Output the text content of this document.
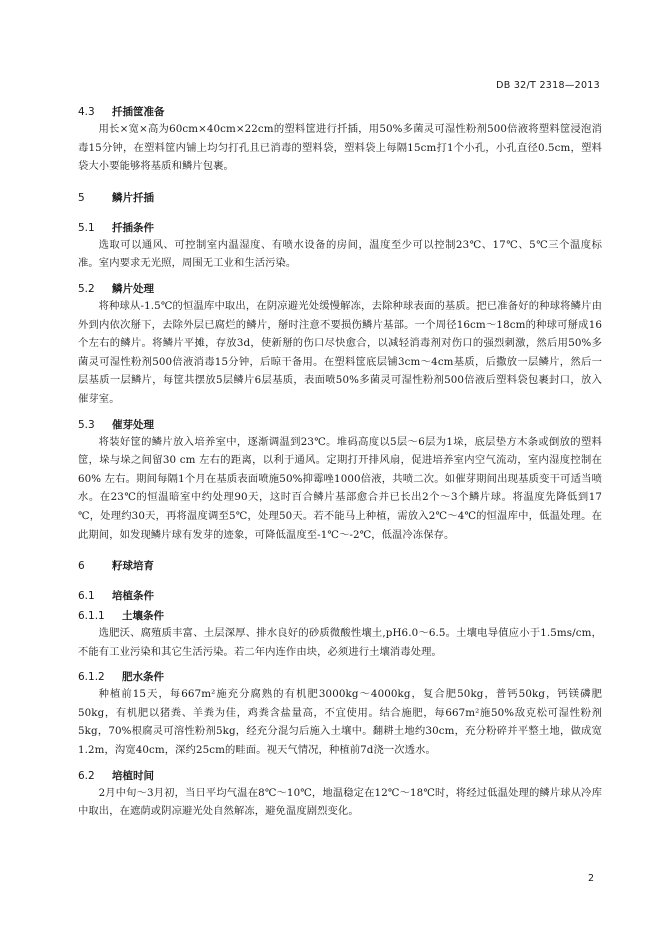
DB 32/T 2318—2013
4.3 扦插筐准备

用长×宽×高为60cm×40cm×22cm的塑料筐进行扦插，用50%多菌灵可湿性粉剂500倍液将塑料筐浸泡消毒15分钟，在塑料筐内铺上均匀打孔且已消毒的塑料袋，塑料袋上每隔15cm打1个小孔，小孔直径0.5cm，塑料袋大小要能够将基质和鳞片包裹。

5	鳞片扦插
5.1 扦插条件

选取可以通风、可控制室内温湿度、有喷水设备的房间，温度至少可以控制23℃、17℃、5℃三个温度标准。室内要求无光照，周围无工业和生活污染。

5.2 鳞片处理

将种球从-1.5℃的恒温库中取出，在阴凉避光处缓慢解冻，去除种球表面的基质。把已准备好的种球将鳞片由外到内依次掰下，去除外层已腐烂的鳞片，掰时注意不要损伤鳞片基部。一个周径16cm～18cm的种球可掰成16个左右的鳞片。将鳞片平摊，存放3d，使新掰的伤口尽快愈合，以减轻消毒剂对伤口的强烈刺激，然后用50%多菌灵可湿性粉剂500倍液消毒15分钟，后晾干备用。在塑料筐底层铺3cm～4cm基质，后撒放一层鳞片，然后一层基质一层鳞片，每筐共摆放5层鳞片6层基质，表面喷50%多菌灵可湿性粉剂500倍液后塑料袋包裹封口，放入催芽室。

5.3 催芽处理

将装好筐的鳞片放入培养室中，逐渐调温到23℃。堆码高度以5层～6层为1垛，底层垫方木条或倒放的塑料筐，垛与垛之间留30 cm 左右的距离，以利于通风。定期打开排风扇，促进培养室内空气流动，室内湿度控制在60% 左右。期间每隔1个月在基质表面喷施50%抑霉唑1000倍液，共喷二次。如催芽期间出现基质变干可适当喷水。在23℃的恒温暗室中约处理90天，这时百合鳞片基部愈合并已长出2个～3个鳞片球。将温度先降低到17 ℃，处理约30天，再将温度调至5℃，处理50天。若不能马上种植，需放入2℃～4℃的恒温库中，低温处理。在此期间，如发现鳞片球有发芽的迹象，可降低温度至-1℃～-2℃，低温冷冻保存。

6	籽球培育
6.1 培植条件
6.1.1 土壤条件

选肥沃、腐殖质丰富、土层深厚、排水良好的砂质微酸性壤土,pH6.0～6.5。土壤电导值应小于1.5ms/cm，不能有工业污染和其它生活污染。若二年内连作由块，必须进行土壤消毒处理。

6.1.2 肥水条件

种植前15天，每667m²施充分腐熟的有机肥3000kg～4000kg，复合肥50kg，普钙50kg，钙镁磷肥50kg，有机肥以猪粪、羊粪为佳，鸡粪含盐量高，不宜使用。结合施肥，每667m²施50%敌克松可湿性粉剂5kg，70%根腐灵可溶性粉剂5kg，经充分混匀后施入土壤中。翻耕土地约30cm，充分粉碎并平整土地，做成宽1.2m，沟宽40cm，深约25cm的畦面。视天气情况，种植前7d浇一次透水。

6.2 培植时间

2月中旬～3月初，当日平均气温在8℃～10℃，地温稳定在12℃～18℃时，将经过低温处理的鳞片球从冷库中取出，在遮荫或阴凉避光处自然解冻，避免温度剧烈变化。

2
